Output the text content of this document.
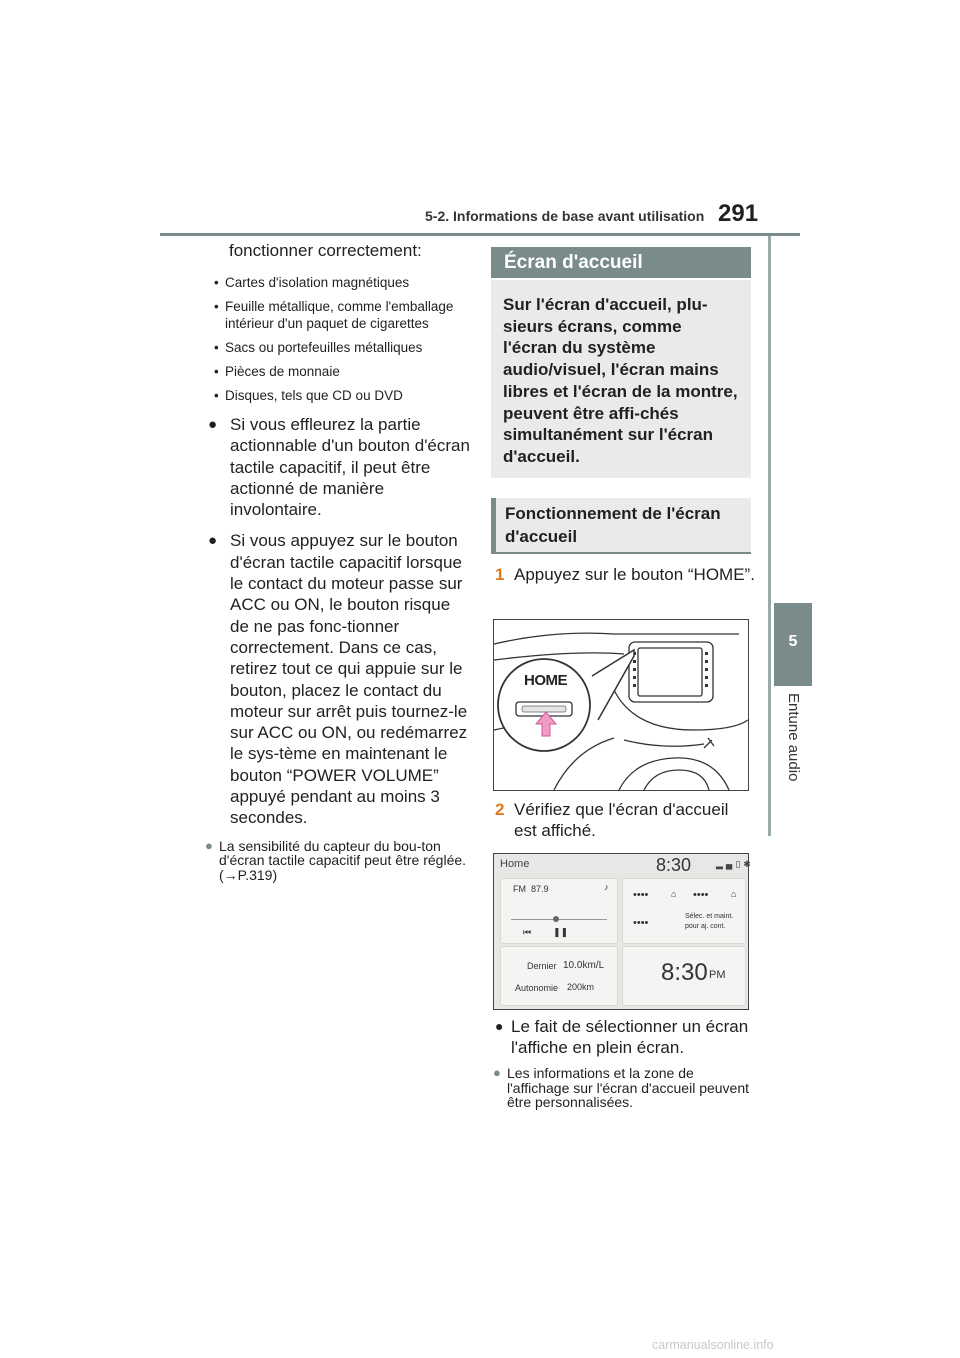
5-2. Informations de base avant utilisation 291
5
Entune audio
fonctionner correctement:
• Cartes d'isolation magnétiques
• Feuille métallique, comme l'emballage intérieur d'un paquet de cigarettes
• Sacs ou portefeuilles métalliques
• Pièces de monnaie
• Disques, tels que CD ou DVD
● Si vous effleurez la partie actionnable d'un bouton d'écran tactile capacitif, il peut être actionné de manière involontaire.
● Si vous appuyez sur le bouton d'écran tactile capacitif lorsque le contact du moteur passe sur ACC ou ON, le bouton risque de ne pas fonc-tionner correctement. Dans ce cas, retirez tout ce qui appuie sur le bouton, placez le contact du moteur sur arrêt puis tournez-le sur ACC ou ON, ou redémarrez le sys-tème en maintenant le bouton “POWER VOLUME” appuyé pendant au moins 3 secondes.
● La sensibilité du capteur du bou-ton d'écran tactile capacitif peut être réglée. (→P.319)
Écran d'accueil
Sur l'écran d'accueil, plu-sieurs écrans, comme l'écran du système audio/visuel, l'écran mains libres et l'écran de la montre, peuvent être affi-chés simultanément sur l'écran d'accueil.
Fonctionnement de l'écran d'accueil
1 Appuyez sur le bouton “HOME”.
HOME
2 Vérifiez que l'écran d'accueil est affiché.
Home	8:30	▂▄▯✱
FM 87.9	♪
⏮ ❚❚
••••	⌂ ••••	⌂
••••
Sélec. et maint.
pour aj. cont.
Dernier 10.0km/L
Autonomie 200km
8:30 PM
● Le fait de sélectionner un écran l'affiche en plein écran.
● Les informations et la zone de l'affichage sur l'écran d'accueil peuvent être personnalisées.
carmanualsonline.info
